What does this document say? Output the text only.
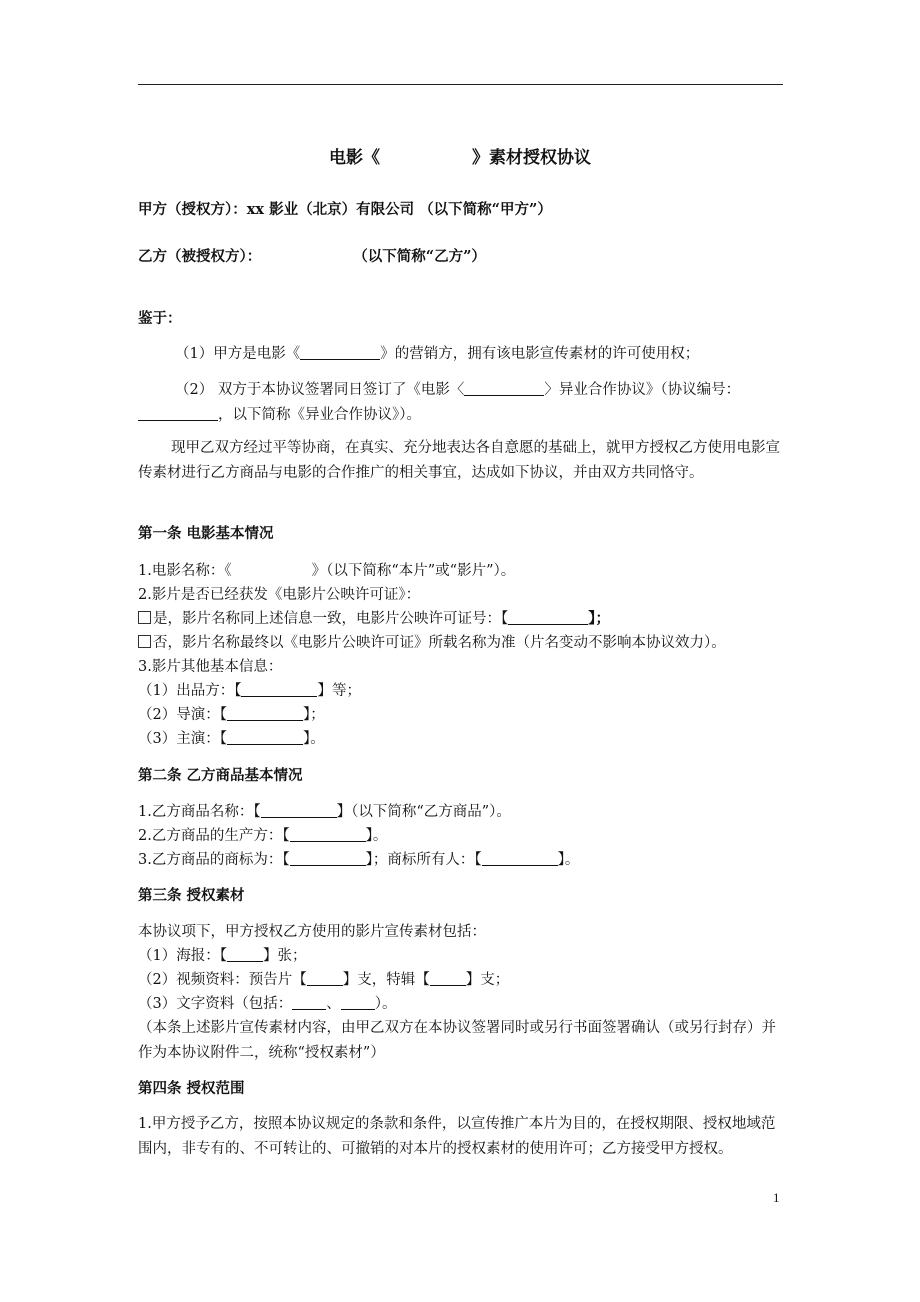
电影《	》素材授权协议
甲方（授权方）：xx 影业（北京）有限公司 （以下简称“甲方”）
乙方（被授权方）：	（以下简称“乙方”）
鉴于：
（1）甲方是电影《	》的营销方，拥有该电影宣传素材的许可使用权；
（2） 双方于本协议签署同日签订了《电影〈	〉异业合作协议》（协议编号：
，以下简称《异业合作协议》）。
现甲乙双方经过平等协商，在真实、充分地表达各自意愿的基础上，就甲方授权乙方使用电影宣传素材进行乙方商品与电影的合作推广的相关事宜，达成如下协议，并由双方共同恪守。
第一条 电影基本情况
1.电影名称：《	》（以下简称“本片”或“影片”）。
2.影片是否已经获发《电影片公映许可证》：
是，影片名称同上述信息一致，电影片公映许可证号：【	】；
否，影片名称最终以《电影片公映许可证》所载名称为准（片名变动不影响本协议效力）。
3.影片其他基本信息：
（1）出品方：【	】等；
（2）导演：【	】；
（3）主演：【	】。
第二条 乙方商品基本情况
1.乙方商品名称：【	】（以下简称“乙方商品”）。
2.乙方商品的生产方：【	】。
3.乙方商品的商标为：【	】；商标所有人：【	】。
第三条 授权素材
本协议项下，甲方授权乙方使用的影片宣传素材包括：
（1）海报：【 】张；
（2）视频资料：预告片【 】支，特辑【 】支；
（3）文字资料（包括： 、 ）。
（本条上述影片宣传素材内容，由甲乙双方在本协议签署同时或另行书面签署确认（或另行封存）并作为本协议附件二，统称“授权素材”）
第四条 授权范围
1.甲方授予乙方，按照本协议规定的条款和条件，以宣传推广本片为目的，在授权期限、授权地域范围内，非专有的、不可转让的、可撤销的对本片的授权素材的使用许可；乙方接受甲方授权。
1
